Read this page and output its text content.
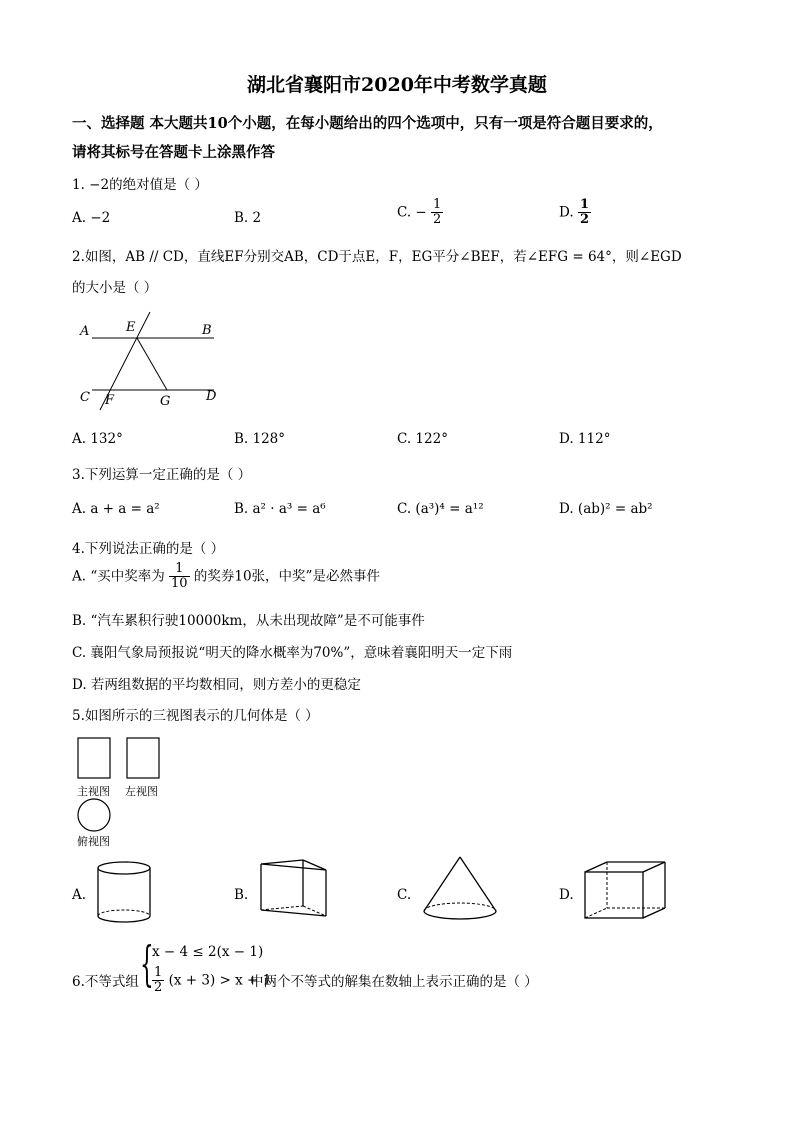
湖北省襄阳市2020年中考数学真题
一、选择题 本大题共10个小题，在每小题给出的四个选项中，只有一项是符合题目要求的，
请将其标号在答题卡上涂黑作答
1. −2的绝对值是（ ）
A. −2	B. 2	C. − $\frac{1}{2}$	D. $\frac{1}{2}$
2.如图，AB // CD，直线EF分别交AB，CD于点E，F，EG平分∠BEF，若∠EFG = 64°，则∠EGD
的大小是（ ）
A	E	B
C F	G	D
A. 132°	B. 128°	C. 122°	D. 112°
3.下列运算一定正确的是（ ）
A. a + a = a²	B. a² · a³ = a⁶	C. (a³)⁴ = a¹²	D. (ab)² = ab²
4.下列说法正确的是（ ）
A. “买中奖率为 $\frac{1}{10}$ 的奖券10张，中奖”是必然事件
B. “汽车累积行驶10000km，从未出现故障”是不可能事件
C. 襄阳气象局预报说“明天的降水概率为70%”，意味着襄阳明天一定下雨
D. 若两组数据的平均数相同，则方差小的更稳定
5.如图所示的三视图表示的几何体是（ ）
主视图 左视图
俯视图
A.	B.	C.	D.
6.不等式组 {
x − 4 ≤ 2(x − 1)
$\frac{1}{2} (x + 3) > x + 1$
中两个不等式的解集在数轴上表示正确的是（ ）
